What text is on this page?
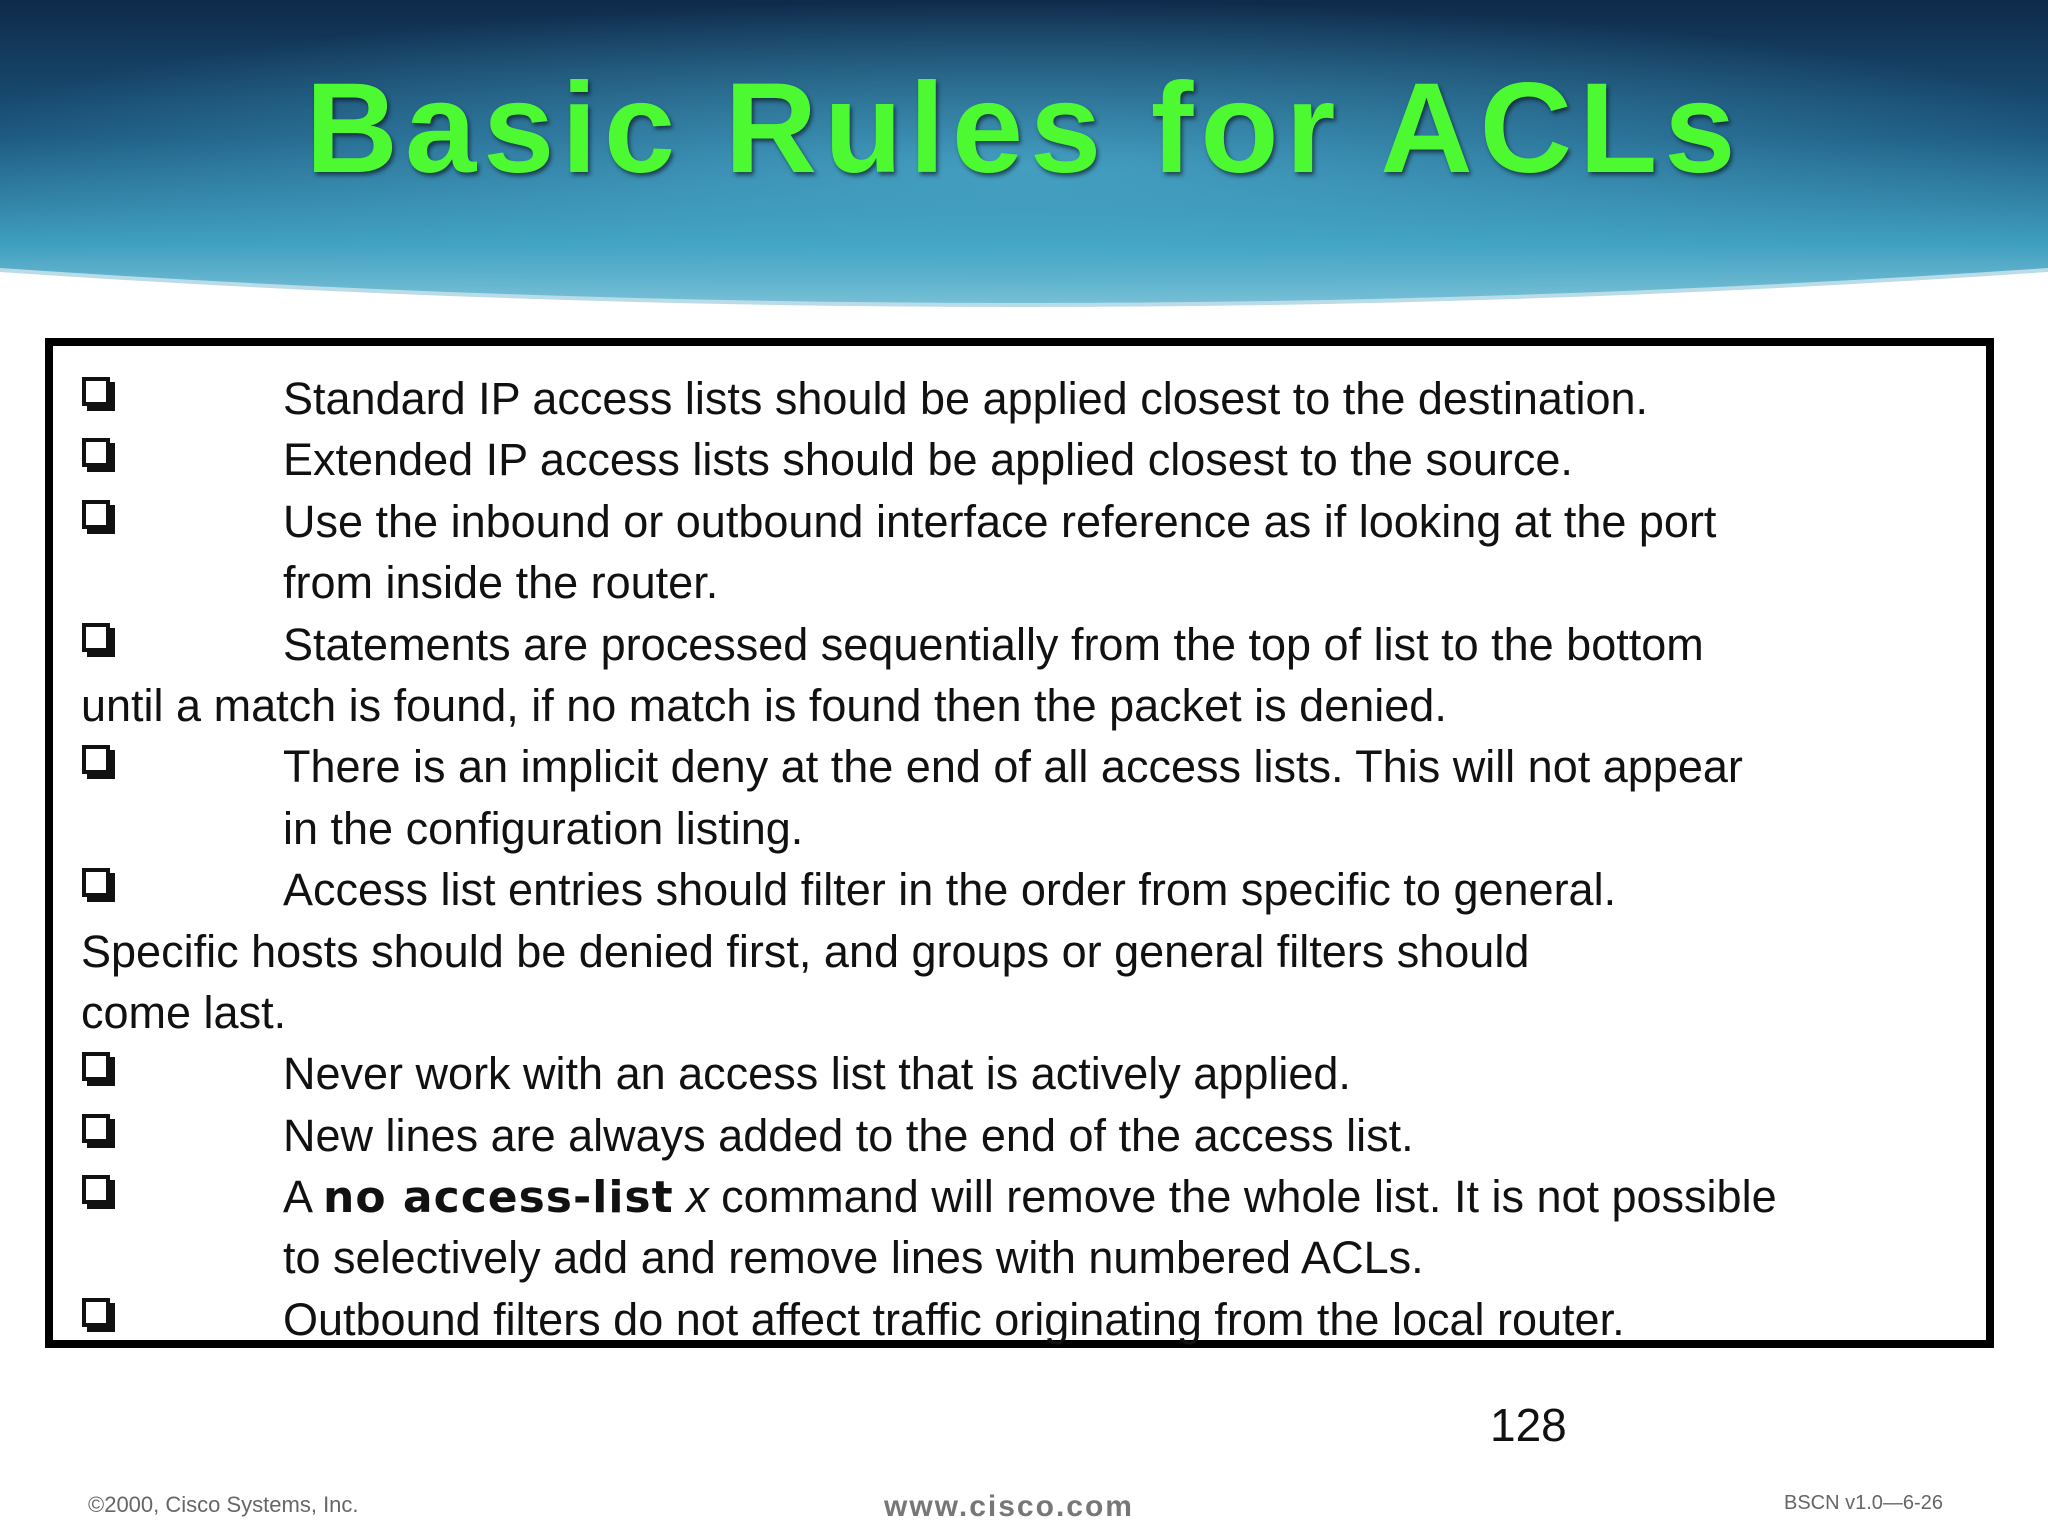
Basic Rules for ACLs
Standard IP access lists should be applied closest to the destination.
Extended IP access lists should be applied closest to the source.
Use the inbound or outbound interface reference as if looking at the port
from inside the router.
Statements are processed sequentially from the top of list to the bottom
until a match is found, if no match is found then the packet is denied.
There is an implicit deny at the end of all access lists. This will not appear
in the configuration listing.
Access list entries should filter in the order from specific to general.
Specific hosts should be denied first, and groups or general filters should
come last.
Never work with an access list that is actively applied.
New lines are always added to the end of the access list.
A no access-list x command will remove the whole list. It is not possible
to selectively add and remove lines with numbered ACLs.
Outbound filters do not affect traffic originating from the local router.
128
©2000, Cisco Systems, Inc.	www.cisco.com	BSCN v1.0—6-26
